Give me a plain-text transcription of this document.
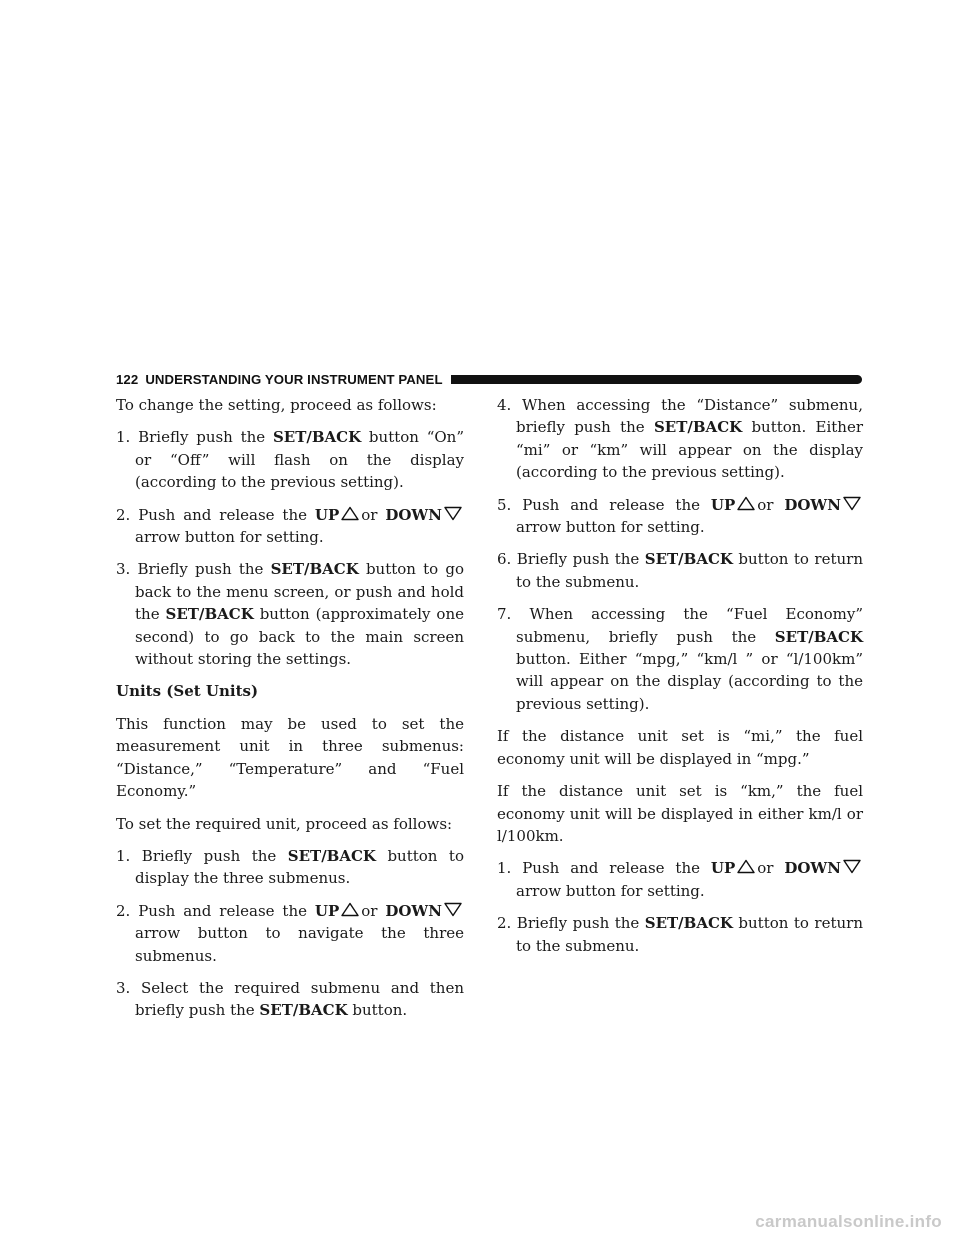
122 UNDERSTANDING YOUR INSTRUMENT PANEL

To change the setting, proceed as follows:

1. Briefly push the SET/BACK button “On” or “Off” will flash on the display (according to the previous setting).

2. Push and release the UP or DOWN
arrow button for setting.

3. Briefly push the SET/BACK button to go back to the menu screen, or push and hold the SET/BACK button (approximately one second) to go back to the main screen without storing the settings.

Units (Set Units)

This function may be used to set the measurement unit in three submenus: “Distance,” “Temperature” and “Fuel Economy.”

To set the required unit, proceed as follows:

1. Briefly push the SET/BACK button to display the three submenus.

2. Push and release the UP or DOWN
arrow button to navigate the three submenus.

3. Select the required submenu and then briefly push the SET/BACK button.

4. When accessing the “Distance” submenu, briefly push the SET/BACK button. Either “mi” or “km” will appear on the display (according to the previous setting).

5. Push and release the UP or DOWN
arrow button for setting.

6. Briefly push the SET/BACK button to return to the submenu.

7. When accessing the “Fuel Economy” submenu, briefly push the SET/BACK button. Either “mpg,” “km/l ” or “l/100km” will appear on the display (according to the previous setting).

If the distance unit set is “mi,” the fuel economy unit will be displayed in “mpg.”

If the distance unit set is “km,” the fuel economy unit will be displayed in either km/l or l/100km.

1. Push and release the UP or DOWN
arrow button for setting.

2. Briefly push the SET/BACK button to return to the submenu.

carmanualsonline.info
